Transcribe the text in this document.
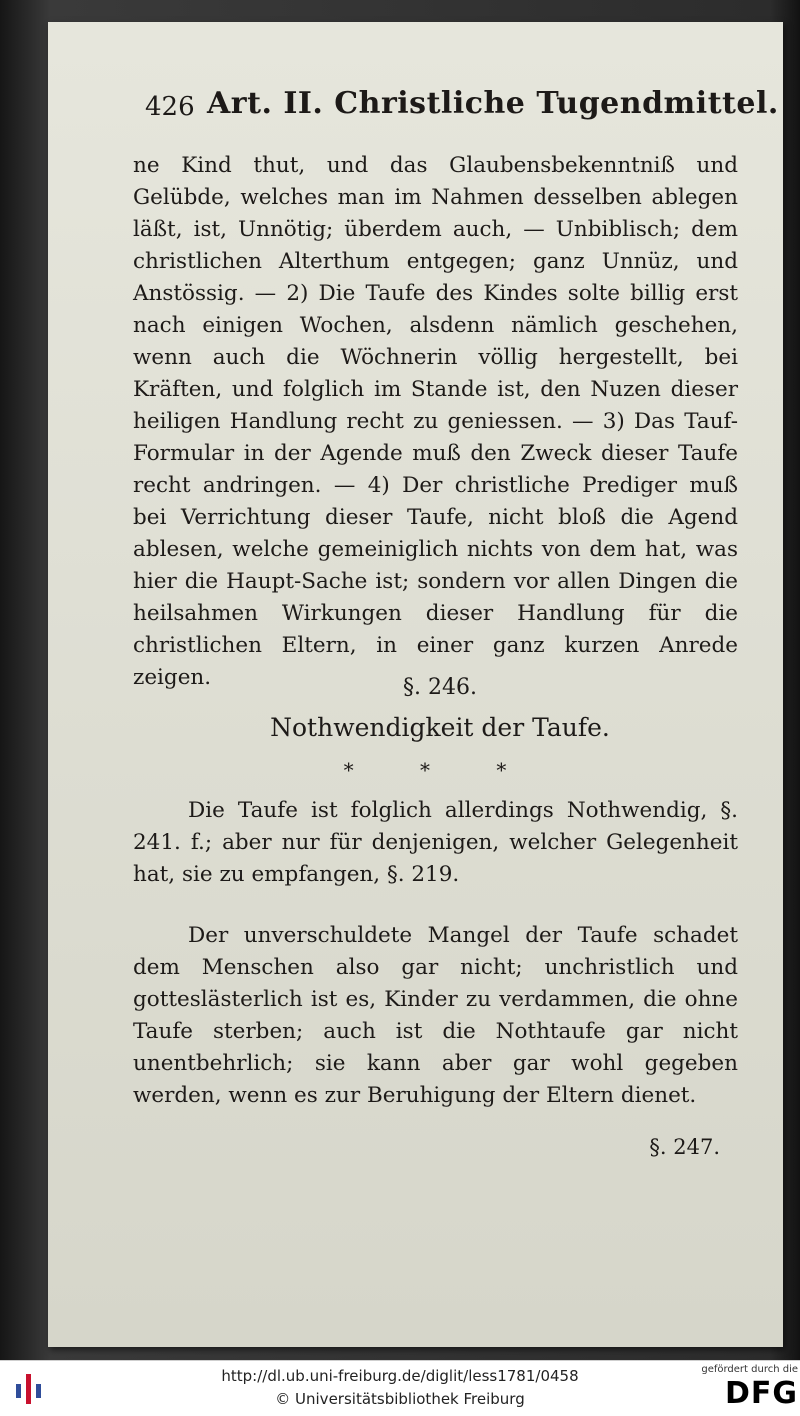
426 Art. II. Christliche Tugendmittel.

ne Kind thut, und das Glaubensbekenntniß und Gelübde, welches man im Nahmen desselben ablegen läßt, ist, Unnötig; überdem auch, — Unbiblisch; dem christlichen Alterthum entgegen; ganz Unnüz, und Anstössig. — 2) Die Taufe des Kindes solte billig erst nach einigen Wochen, alsdenn nämlich geschehen, wenn auch die Wöchnerin völlig hergestellt, bei Kräften, und folglich im Stande ist, den Nuzen dieser heiligen Handlung recht zu geniessen. — 3) Das Tauf-Formular in der Agende muß den Zweck dieser Taufe recht andringen. — 4) Der christliche Prediger muß bei Verrichtung dieser Taufe, nicht bloß die Agend ablesen, welche gemeiniglich nichts von dem hat, was hier die Haupt-Sache ist; sondern vor allen Dingen die heilsahmen Wirkungen dieser Handlung für die christlichen Eltern, in einer ganz kurzen Anrede zeigen.	§. 246.
Nothwendigkeit der Taufe.
* * *

Die Taufe ist folglich allerdings Nothwendig, §. 241. f.; aber nur für denjenigen, welcher Gelegenheit hat, sie zu empfangen, §. 219.

Der unverschuldete Mangel der Taufe schadet dem Menschen also gar nicht; unchristlich und gotteslästerlich ist es, Kinder zu verdammen, die ohne Taufe sterben; auch ist die Nothtaufe gar nicht unentbehrlich; sie kann aber gar wohl gegeben werden, wenn es zur Beruhigung der Eltern dienet.

§. 247.
http://dl.ub.uni-freiburg.de/diglit/less1781/0458
© Universitätsbibliothek Freiburg
gefördert durch die
DFG
